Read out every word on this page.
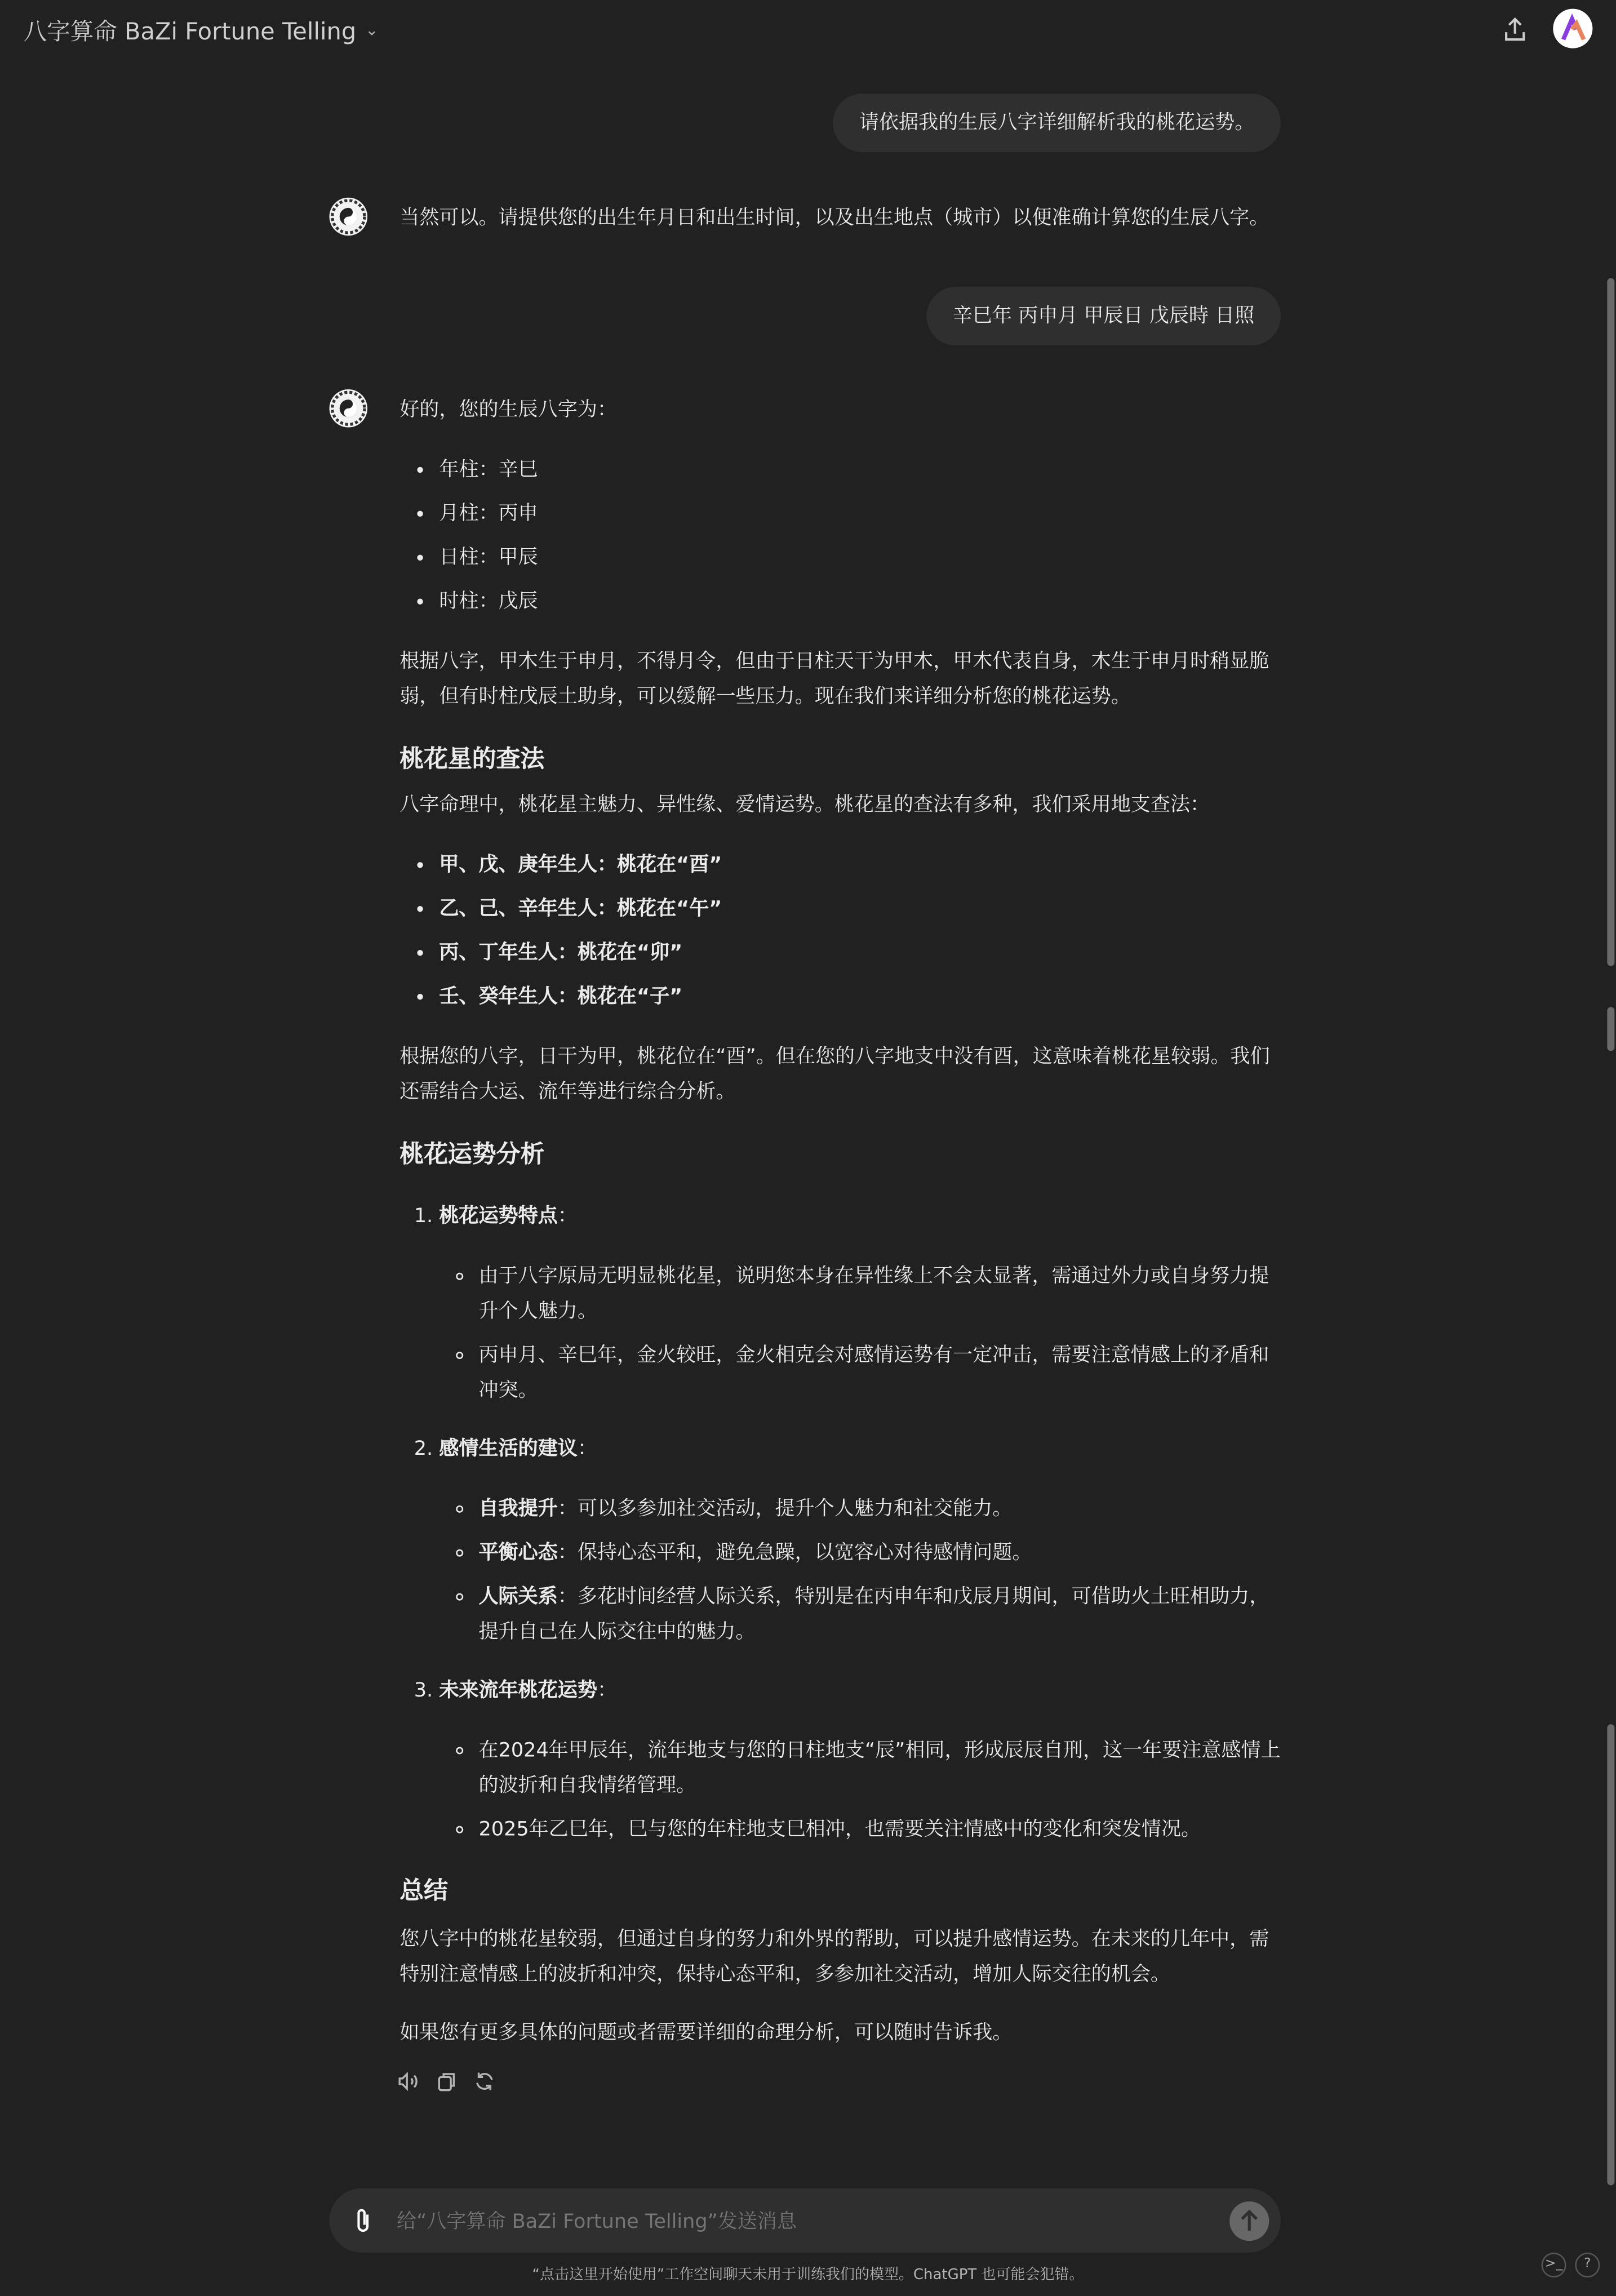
八字算命 BaZi Fortune Telling ⌄
请依据我的生辰八字详细解析我的桃花运势。

当然可以。请提供您的出生年月日和出生时间，以及出生地点（城市）以便准确计算您的生辰八字。

辛巳年 丙申月 甲辰日 戊辰時 日照

好的，您的生辰八字为：

• 年柱：辛巳
• 月柱：丙申
• 日柱：甲辰
• 时柱：戊辰

根据八字，甲木生于申月，不得月令，但由于日柱天干为甲木，甲木代表自身，木生于申月时稍显脆弱，但有时柱戊辰土助身，可以缓解一些压力。现在我们来详细分析您的桃花运势。

桃花星的查法

八字命理中，桃花星主魅力、异性缘、爱情运势。桃花星的查法有多种，我们采用地支查法：

• 甲、戊、庚年生人：桃花在“酉”
• 乙、己、辛年生人：桃花在“午”
• 丙、丁年生人：桃花在“卯”
• 壬、癸年生人：桃花在“子”

根据您的八字，日干为甲，桃花位在“酉”。但在您的八字地支中没有酉，这意味着桃花星较弱。我们还需结合大运、流年等进行综合分析。

桃花运势分析
1. 桃花运势特点：
◦ 由于八字原局无明显桃花星，说明您本身在异性缘上不会太显著，需通过外力或自身努力提升个人魅力。
◦ 丙申月、辛巳年，金火较旺，金火相克会对感情运势有一定冲击，需要注意情感上的矛盾和冲突。
2. 感情生活的建议：
◦ 自我提升：可以多参加社交活动，提升个人魅力和社交能力。
◦ 平衡心态：保持心态平和，避免急躁，以宽容心对待感情问题。
◦ 人际关系：多花时间经营人际关系，特别是在丙申年和戊辰月期间，可借助火土旺相助力，提升自己在人际交往中的魅力。
3. 未来流年桃花运势：
◦ 在2024年甲辰年，流年地支与您的日柱地支“辰”相同，形成辰辰自刑，这一年要注意感情上的波折和自我情绪管理。
◦ 2025年乙巳年，巳与您的年柱地支巳相冲，也需要关注情感中的变化和突发情况。
总结

您八字中的桃花星较弱，但通过自身的努力和外界的帮助，可以提升感情运势。在未来的几年中，需特别注意情感上的波折和冲突，保持心态平和，多参加社交活动，增加人际交往的机会。

如果您有更多具体的问题或者需要详细的命理分析，可以随时告诉我。

给“八字算命 BaZi Fortune Telling”发送消息
“点击这里开始使用”工作空间聊天未用于训练我们的模型。ChatGPT 也可能会犯错。
>_	?
